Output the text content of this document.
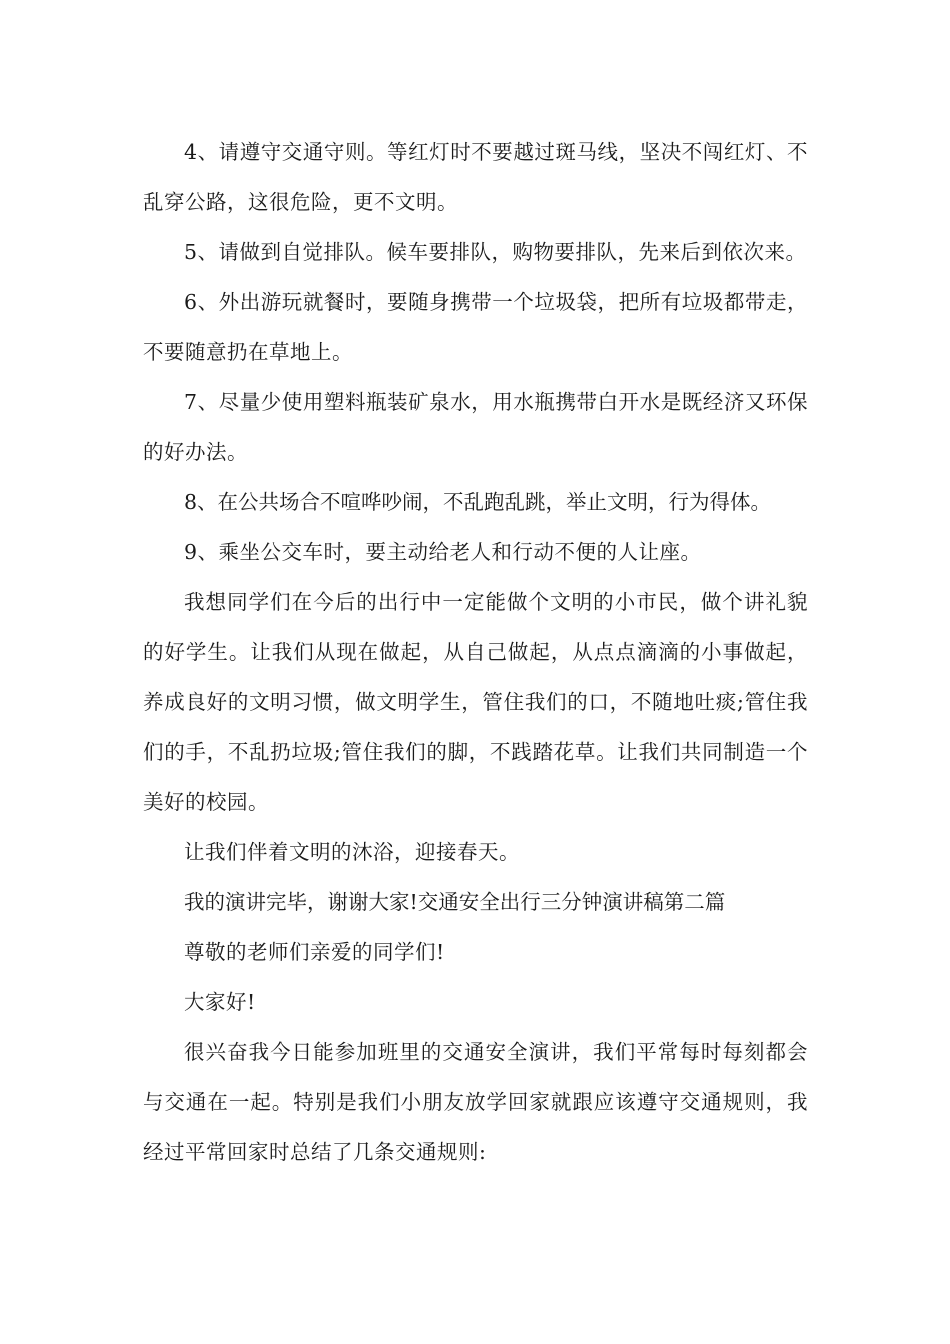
4、请遵守交通守则。等红灯时不要越过斑马线，坚决不闯红灯、不乱穿公路，这很危险，更不文明。

5、请做到自觉排队。候车要排队，购物要排队，先来后到依次来。

6、外出游玩就餐时，要随身携带一个垃圾袋，把所有垃圾都带走，不要随意扔在草地上。

7、尽量少使用塑料瓶装矿泉水，用水瓶携带白开水是既经济又环保的好办法。

8、在公共场合不喧哗吵闹，不乱跑乱跳，举止文明，行为得体。

9、乘坐公交车时，要主动给老人和行动不便的人让座。

我想同学们在今后的出行中一定能做个文明的小市民，做个讲礼貌的好学生。让我们从现在做起，从自己做起，从点点滴滴的小事做起，养成良好的文明习惯，做文明学生，管住我们的口，不随地吐痰;管住我们的手，不乱扔垃圾;管住我们的脚，不践踏花草。让我们共同制造一个美好的校园。

让我们伴着文明的沐浴，迎接春天。

我的演讲完毕，谢谢大家!交通安全出行三分钟演讲稿第二篇

尊敬的老师们亲爱的同学们!

大家好!

很兴奋我今日能参加班里的交通安全演讲，我们平常每时每刻都会与交通在一起。特别是我们小朋友放学回家就跟应该遵守交通规则，我经过平常回家时总结了几条交通规则:
